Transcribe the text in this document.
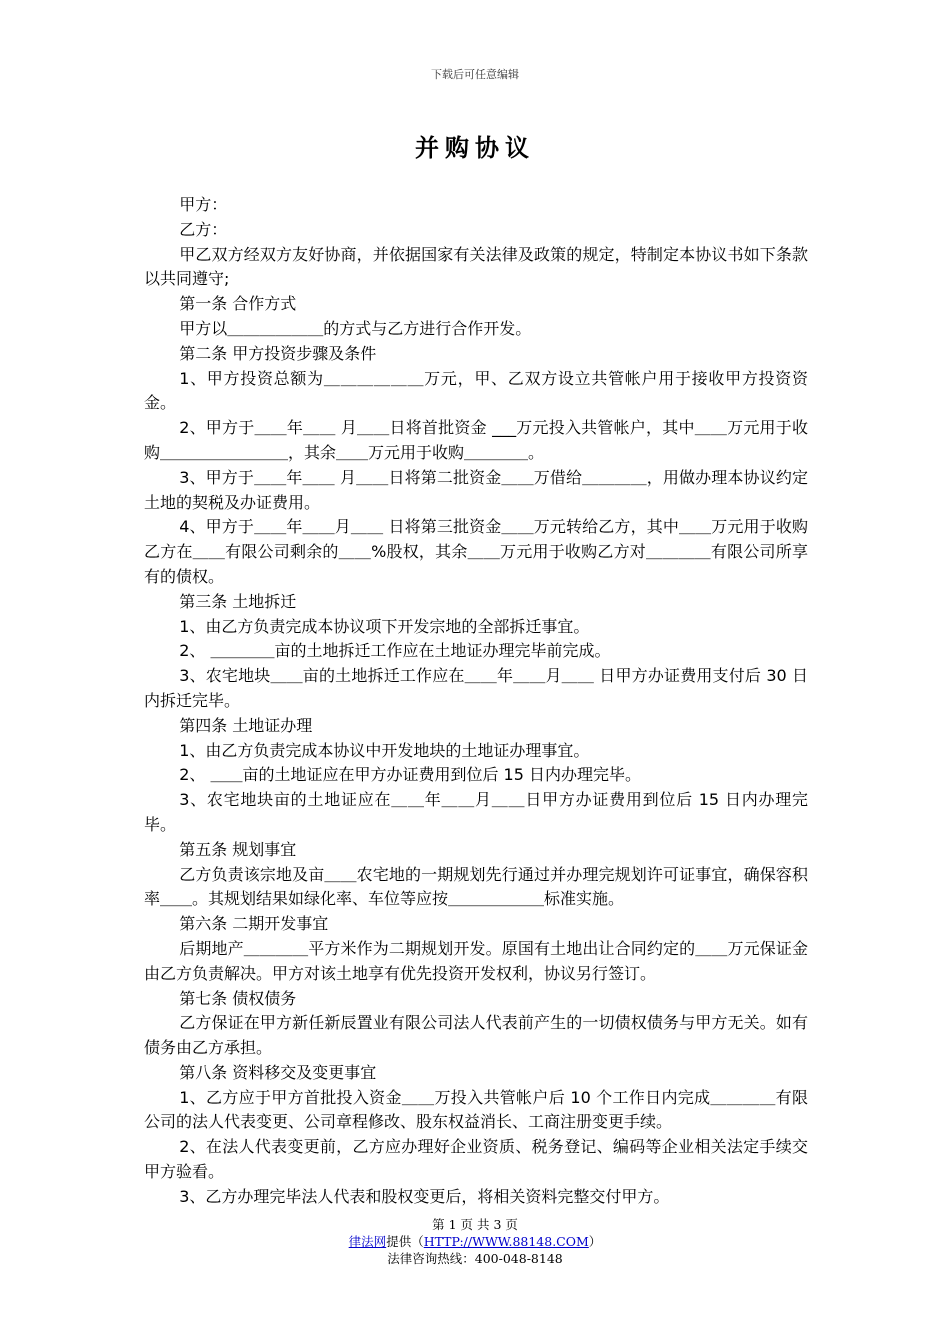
下载后可任意编辑
并购协议

甲方：

乙方：

甲乙双方经双方友好协商，并依据国家有关法律及政策的规定，特制定本协议书如下条款以共同遵守;

第一条 合作方式

甲方以＿＿＿＿＿＿的方式与乙方进行合作开发。

第二条 甲方投资步骤及条件

1、甲方投资总额为＿＿＿＿＿＿万元，甲、乙双方设立共管帐户用于接收甲方投资资金。

2、甲方于＿＿年＿＿ 月＿＿日将首批资金 ___万元投入共管帐户，其中＿＿万元用于收购＿＿＿＿＿＿＿＿，其余＿＿万元用于收购＿＿＿＿。

3、甲方于＿＿年＿＿ 月＿＿日将第二批资金＿＿万借给＿＿＿＿，用做办理本协议约定土地的契税及办证费用。

4、甲方于＿＿年＿＿月＿＿ 日将第三批资金＿＿万元转给乙方，其中＿＿万元用于收购乙方在＿＿有限公司剩余的＿＿%股权，其余＿＿万元用于收购乙方对＿＿＿＿有限公司所享有的债权。

第三条 土地拆迁

1、由乙方负责完成本协议项下开发宗地的全部拆迁事宜。

2、 ＿＿＿＿亩的土地拆迁工作应在土地证办理完毕前完成。

3、农宅地块＿＿亩的土地拆迁工作应在＿＿年＿＿月＿＿ 日甲方办证费用支付后 30 日内拆迁完毕。

第四条 土地证办理

1、由乙方负责完成本协议中开发地块的土地证办理事宜。

2、 ＿＿亩的土地证应在甲方办证费用到位后 15 日内办理完毕。

3、农宅地块亩的土地证应在＿＿年＿＿月＿＿日甲方办证费用到位后 15 日内办理完毕。

第五条 规划事宜

乙方负责该宗地及亩＿＿农宅地的一期规划先行通过并办理完规划许可证事宜，确保容积率＿＿。其规划结果如绿化率、车位等应按＿＿＿＿＿＿标准实施。

第六条 二期开发事宜

后期地产＿＿＿＿平方米作为二期规划开发。原国有土地出让合同约定的＿＿万元保证金由乙方负责解决。甲方对该土地享有优先投资开发权利，协议另行签订。

第七条 债权债务

乙方保证在甲方新任新辰置业有限公司法人代表前产生的一切债权债务与甲方无关。如有债务由乙方承担。

第八条 资料移交及变更事宜

1、乙方应于甲方首批投入资金＿＿万投入共管帐户后 10 个工作日内完成＿＿＿＿有限公司的法人代表变更、公司章程修改、股东权益消长、工商注册变更手续。

2、在法人代表变更前，乙方应办理好企业资质、税务登记、编码等企业相关法定手续交甲方验看。

3、乙方办理完毕法人代表和股权变更后，将相关资料完整交付甲方。

第 1 页 共 3 页
律法网提供（HTTP://WWW.88148.COM）
法律咨询热线：400-048-8148
